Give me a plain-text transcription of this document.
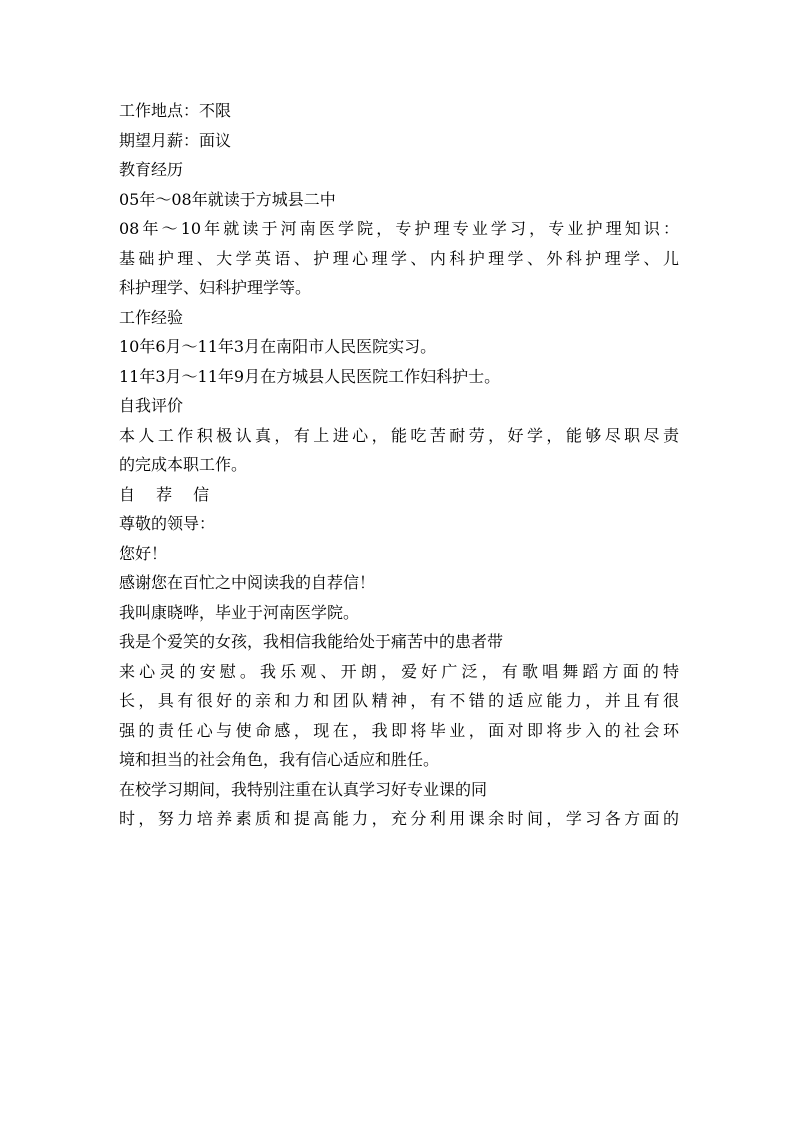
工作地点：不限
期望月薪：面议
教育经历
05年～08年就读于方城县二中
08年～10年就读于河南医学院，专护理专业学习，专业护理知识：
基础护理、大学英语、护理心理学、内科护理学、外科护理学、儿
科护理学、妇科护理学等。
工作经验
10年6月～11年3月在南阳市人民医院实习。
11年3月～11年9月在方城县人民医院工作妇科护士。
自我评价
本人工作积极认真，有上进心，能吃苦耐劳，好学，能够尽职尽责
的完成本职工作。
自 荐 信
尊敬的领导：
您好！
感谢您在百忙之中阅读我的自荐信！
我叫康晓哗，毕业于河南医学院。
我是个爱笑的女孩，我相信我能给处于痛苦中的患者带
来心灵的安慰。我乐观、开朗，爱好广泛，有歌唱舞蹈方面的特
长，具有很好的亲和力和团队精神，有不错的适应能力，并且有很
强的责任心与使命感，现在，我即将毕业，面对即将步入的社会环
境和担当的社会角色，我有信心适应和胜任。
在校学习期间，我特别注重在认真学习好专业课的同
时，努力培养素质和提高能力，充分利用课余时间，学习各方面的
